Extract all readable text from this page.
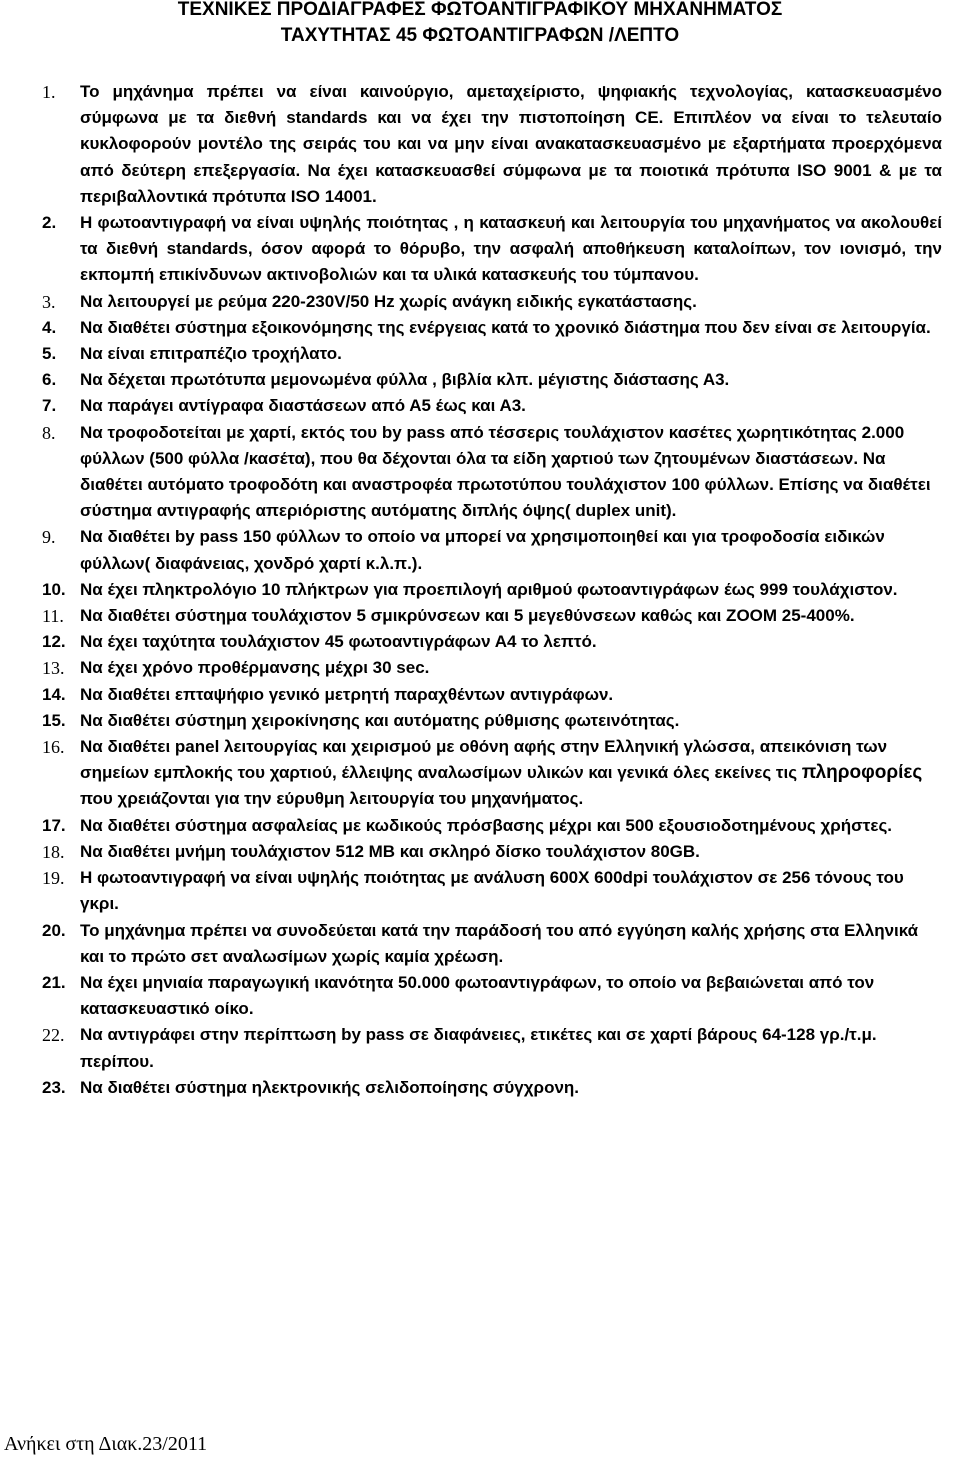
ΤΕΧΝΙΚΕΣ ΠΡΟΔΙΑΓΡΑΦΕΣ ΦΩΤΟΑΝΤΙΓΡΑΦΙΚΟΥ ΜΗΧΑΝΗΜΑΤΟΣ
ΤΑΧΥΤΗΤΑΣ 45 ΦΩΤΟΑΝΤΙΓΡΑΦΩΝ /ΛΕΠΤΟ
1. Το μηχάνημα πρέπει να είναι καινούργιο, αμεταχείριστο, ψηφιακής τεχνολογίας, κατασκευασμένο σύμφωνα με τα διεθνή standards και να έχει την πιστοποίηση CE. Επιπλέον να είναι το τελευταίο κυκλοφορούν μοντέλο της σειράς του και να μην είναι ανακατασκευασμένο με εξαρτήματα προερχόμενα από δεύτερη επεξεργασία. Να έχει κατασκευασθεί σύμφωνα με τα ποιοτικά πρότυπα ISO 9001 & με τα περιβαλλοντικά πρότυπα ISO 14001.
2. Η φωτοαντιγραφή να είναι υψηλής ποιότητας , η κατασκευή και λειτουργία του μηχανήματος να ακολουθεί τα διεθνή standards, όσον αφορά το θόρυβο, την ασφαλή αποθήκευση καταλοίπων, τον ιονισμό, την εκπομπή επικίνδυνων ακτινοβολιών και τα υλικά κατασκευής του τύμπανου.
3. Να λειτουργεί με ρεύμα 220-230V/50 Hz χωρίς ανάγκη ειδικής εγκατάστασης.
4. Να διαθέτει σύστημα εξοικονόμησης της ενέργειας κατά το χρονικό διάστημα που δεν είναι σε λειτουργία.
5. Να είναι επιτραπέζιο τροχήλατο.
6. Να δέχεται πρωτότυπα μεμονωμένα φύλλα , βιβλία κλπ. μέγιστης διάστασης Α3.
7. Να παράγει αντίγραφα διαστάσεων από Α5 έως και Α3.
8. Να τροφοδοτείται με χαρτί, εκτός του by pass από τέσσερις τουλάχιστον κασέτες χωρητικότητας 2.000 φύλλων (500 φύλλα /κασέτα), που θα δέχονται όλα τα είδη χαρτιού των ζητουμένων διαστάσεων. Να διαθέτει αυτόματο τροφοδότη και αναστροφέα πρωτοτύπου τουλάχιστον 100 φύλλων. Επίσης να διαθέτει σύστημα αντιγραφής απεριόριστης αυτόματης διπλής όψης( duplex unit).
9. Να διαθέτει by pass 150 φύλλων το οποίο να μπορεί να χρησιμοποιηθεί και για τροφοδοσία ειδικών φύλλων( διαφάνειας, χονδρό χαρτί κ.λ.π.).
10. Να έχει πληκτρολόγιο 10 πλήκτρων για προεπιλογή αριθμού φωτοαντιγράφων έως 999 τουλάχιστον.
11. Να διαθέτει σύστημα τουλάχιστον 5 σμικρύνσεων και 5 μεγεθύνσεων καθώς και ZOOM 25-400%.
12. Να έχει ταχύτητα τουλάχιστον 45 φωτοαντιγράφων Α4 το λεπτό.
13. Να έχει χρόνο προθέρμανσης μέχρι 30 sec.
14. Να διαθέτει επταψήφιο γενικό μετρητή παραχθέντων αντιγράφων.
15. Να διαθέτει σύστημη χειροκίνησης και αυτόματης ρύθμισης φωτεινότητας.
16. Να διαθέτει panel λειτουργίας και χειρισμού με οθόνη αφής στην Ελληνική γλώσσα, απεικόνιση των σημείων εμπλοκής του χαρτιού, έλλειψης αναλωσίμων υλικών και γενικά όλες εκείνες τις πληροφορίες που χρειάζονται για την εύρυθμη λειτουργία του μηχανήματος.
17. Να διαθέτει σύστημα ασφαλείας με κωδικούς πρόσβασης μέχρι και 500 εξουσιοδοτημένους χρήστες.
18. Να διαθέτει μνήμη τουλάχιστον 512 MB και σκληρό δίσκο τουλάχιστον 80GB.
19. Η φωτοαντιγραφή να είναι υψηλής ποιότητας με ανάλυση 600Χ 600dpi τουλάχιστον σε 256 τόνους του γκρι.
20. Το μηχάνημα πρέπει να συνοδεύεται κατά την παράδοσή του από εγγύηση καλής χρήσης στα Ελληνικά και το πρώτο σετ αναλωσίμων χωρίς καμία χρέωση.
21. Να έχει μηνιαία παραγωγική ικανότητα 50.000 φωτοαντιγράφων, το οποίο να βεβαιώνεται από τον κατασκευαστικό οίκο.
22. Να αντιγράφει στην περίπτωση by pass σε διαφάνειες, ετικέτες και σε χαρτί βάρους 64-128 γρ./τ.μ. περίπου.
23. Να διαθέτει σύστημα ηλεκτρονικής σελιδοποίησης σύγχρονη.
Ανήκει στη Διακ.23/2011
